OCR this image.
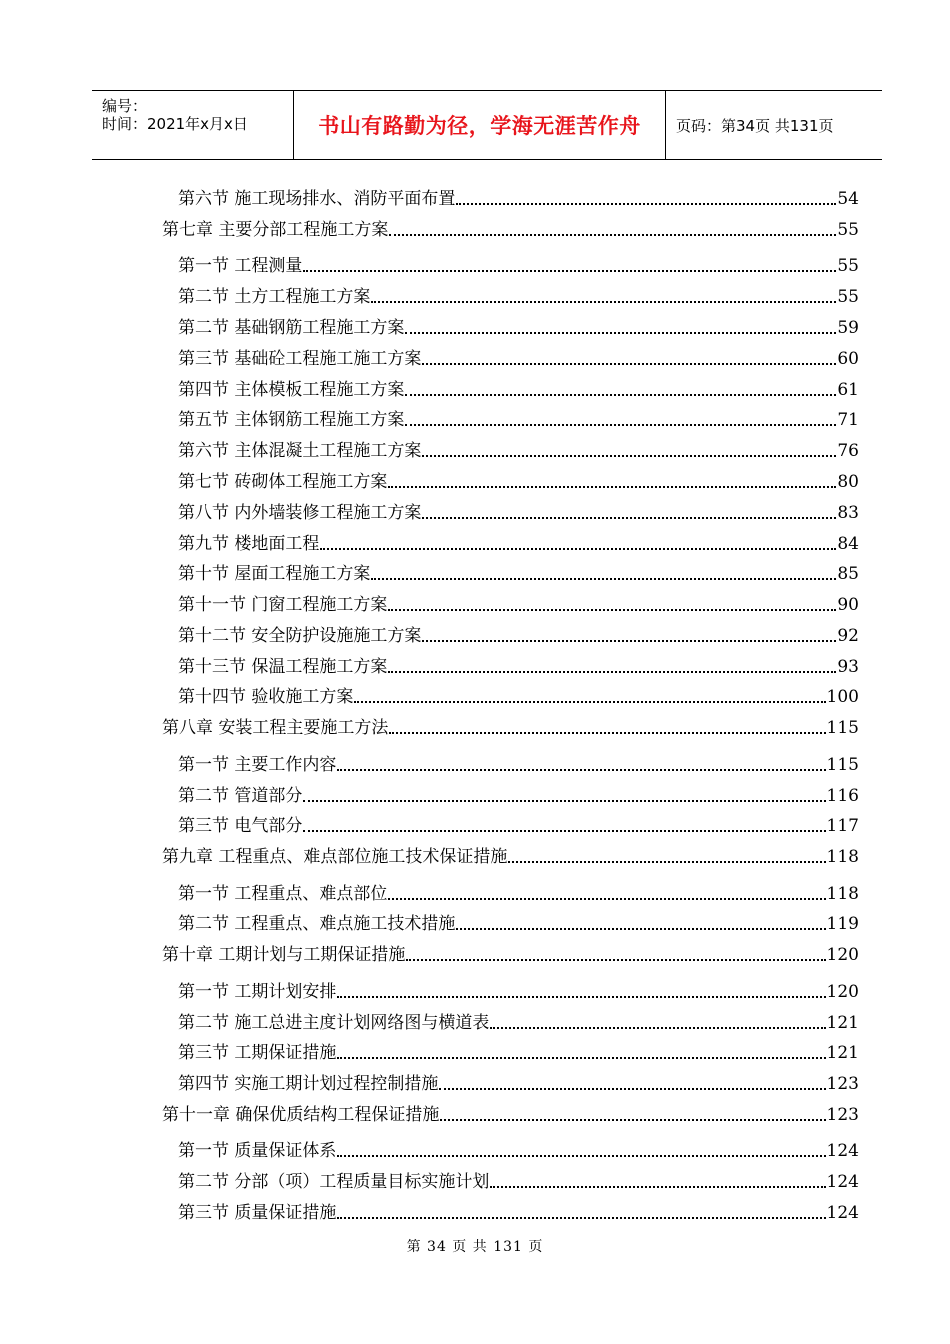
编号：
时间：2021年x月x日	书山有路勤为径，学海无涯苦作舟 页码：第34页 共131页
第六节 施工现场排水、消防平面布置	54
第七章 主要分部工程施工方案	55
第一节 工程测量	55
第二节 土方工程施工方案	55
第二节 基础钢筋工程施工方案	59
第三节 基础砼工程施工施工方案	60
第四节 主体模板工程施工方案	61
第五节 主体钢筋工程施工方案	71
第六节 主体混凝土工程施工方案	76
第七节 砖砌体工程施工方案	80
第八节 内外墙装修工程施工方案	83
第九节 楼地面工程	84
第十节 屋面工程施工方案	85
第十一节 门窗工程施工方案	90
第十二节 安全防护设施施工方案	92
第十三节 保温工程施工方案	93
第十四节 验收施工方案	100
第八章 安装工程主要施工方法	115
第一节 主要工作内容	115
第二节 管道部分	116
第三节 电气部分	117
第九章 工程重点、难点部位施工技术保证措施	118
第一节 工程重点、难点部位	118
第二节 工程重点、难点施工技术措施	119
第十章 工期计划与工期保证措施	120
第一节 工期计划安排	120
第二节 施工总进主度计划网络图与横道表	121
第三节 工期保证措施	121
第四节 实施工期计划过程控制措施	123
第十一章 确保优质结构工程保证措施	123
第一节 质量保证体系	124
第二节 分部（项）工程质量目标实施计划	124
第三节 质量保证措施	124
第 34 页 共 131 页
